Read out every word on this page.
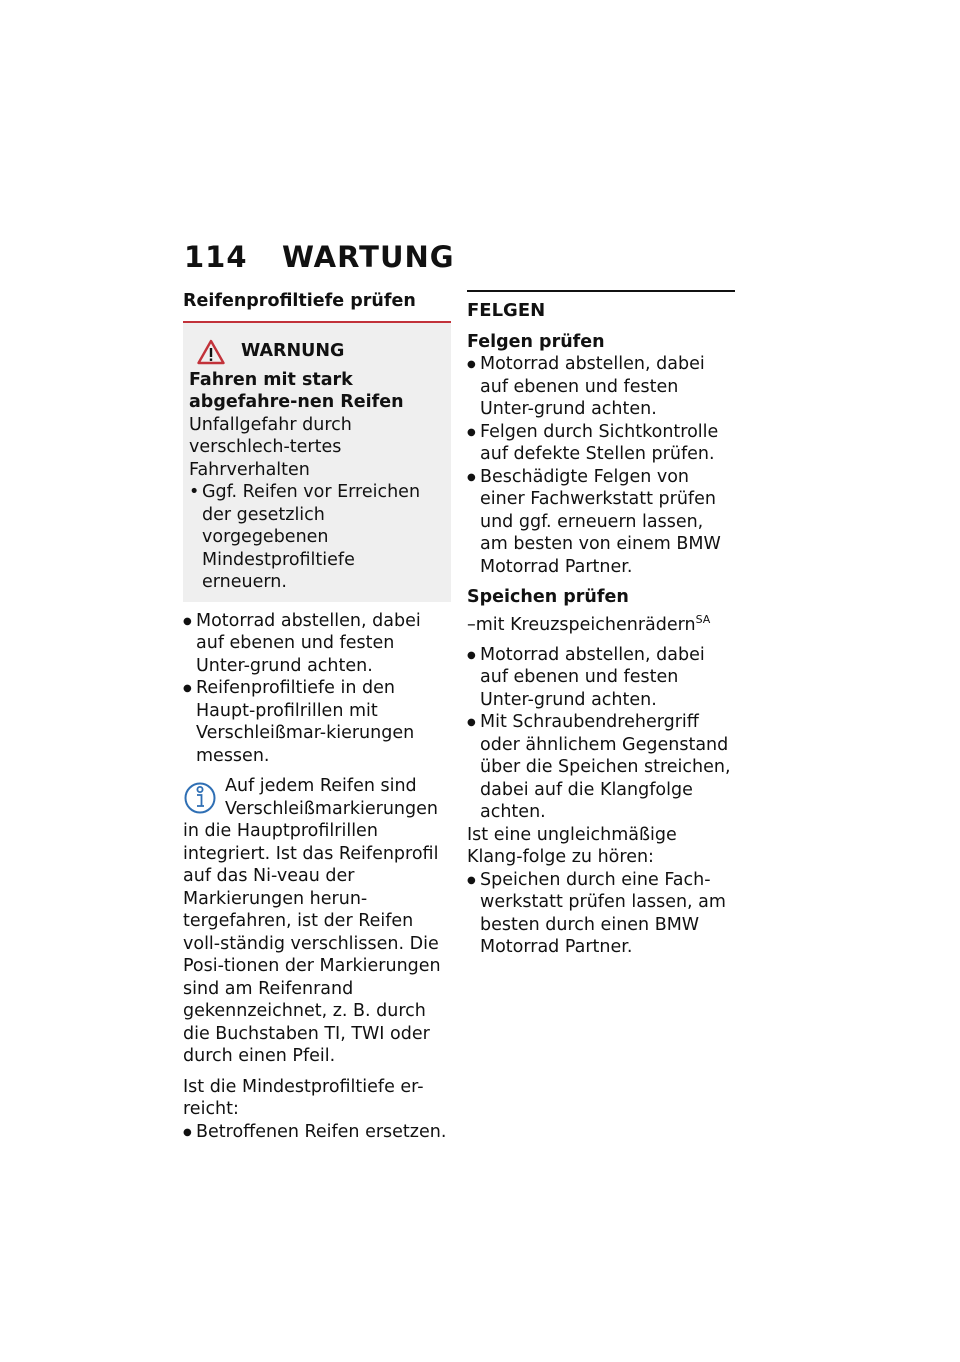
114 WARTUNG

Reifenprofiltiefe prüfen

WARNUNG

Fahren mit stark abgefahre-nen Reifen

Unfallgefahr durch verschlech-tertes Fahrverhalten

• Ggf. Reifen vor Erreichen der gesetzlich vorgegebenen Mindestprofiltiefe erneuern.
● Motorrad abstellen, dabei auf ebenen und festen Unter-grund achten.
● Reifenprofiltiefe in den Haupt-profilrillen mit Verschleißmar-kierungen messen.

Auf jedem Reifen sind Verschleißmarkierungen in die Hauptprofilrillen integriert. Ist das Reifenprofil auf das Ni-veau der Markierungen herun-tergefahren, ist der Reifen voll-ständig verschlissen. Die Posi-tionen der Markierungen sind am Reifenrand gekennzeichnet, z. B. durch die Buchstaben TI, TWI oder durch einen Pfeil.

Ist die Mindestprofiltiefe er-reicht:

● Betroffenen Reifen ersetzen.

FELGEN

Felgen prüfen

● Motorrad abstellen, dabei auf ebenen und festen Unter-grund achten.
● Felgen durch Sichtkontrolle auf defekte Stellen prüfen.
● Beschädigte Felgen von einer Fachwerkstatt prüfen und ggf. erneuern lassen, am besten von einem BMW Motorrad Partner.

Speichen prüfen

–mit Kreuzspeichenrädern$^{SA}$

● Motorrad abstellen, dabei auf ebenen und festen Unter-grund achten.
● Mit Schraubendrehergriff oder ähnlichem Gegenstand über die Speichen streichen, dabei auf die Klangfolge achten.

Ist eine ungleichmäßige Klang-folge zu hören:

● Speichen durch eine Fach-werkstatt prüfen lassen, am besten durch einen BMW Motorrad Partner.
